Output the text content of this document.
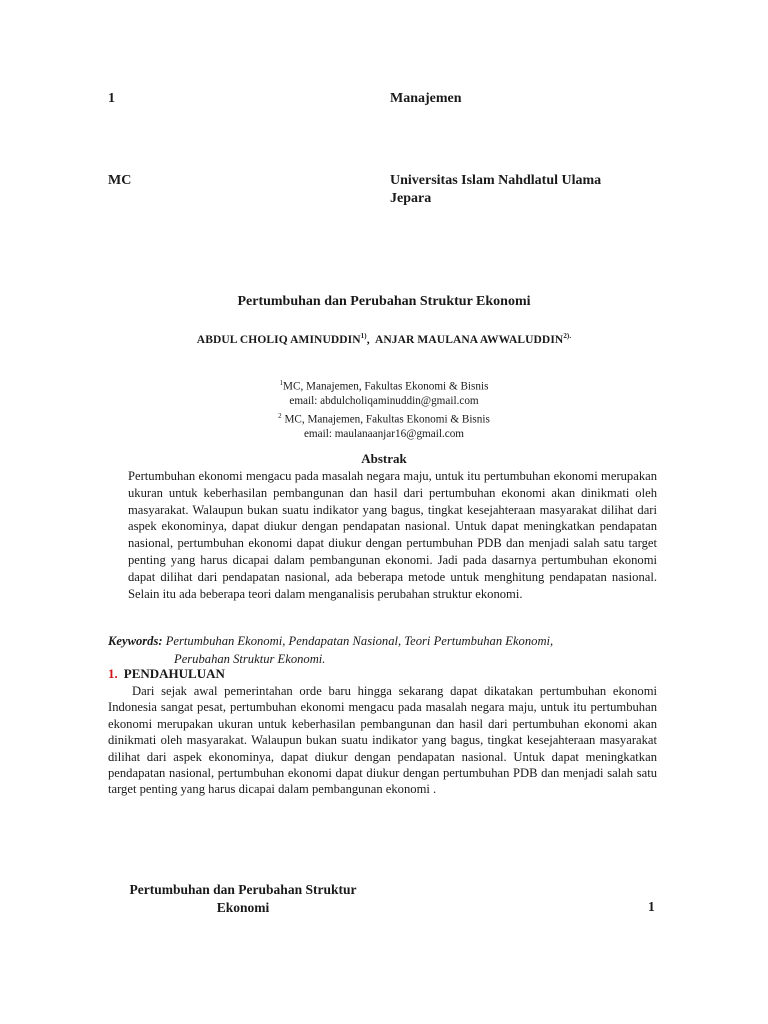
1	Manajemen
MC	Universitas Islam Nahdlatul Ulama
Jepara
Pertumbuhan dan Perubahan Struktur Ekonomi
ABDUL CHOLIQ AMINUDDIN$^{1)}$,  ANJAR MAULANA $AWWALUDDIN^{2).}$
$^1$MC, Manajemen, Fakultas Ekonomi & Bisnis
email: abdulcholiqaminuddin@gmail.com
$^2$ MC, Manajemen, Fakultas Ekonomi & Bisnis
email: maulanaanjar16@gmail.com
Abstrak
Pertumbuhan ekonomi mengacu pada masalah negara maju, untuk itu pertumbuhan ekonomi merupakan ukuran untuk keberhasilan pembangunan dan hasil dari pertumbuhan ekonomi akan dinikmati oleh masyarakat. Walaupun bukan suatu indikator yang bagus, tingkat kesejahteraan masyarakat dilihat dari aspek ekonominya, dapat diukur dengan pendapatan nasional. Untuk dapat meningkatkan pendapatan nasional, pertumbuhan ekonomi dapat diukur dengan pertumbuhan PDB dan menjadi salah satu target penting yang harus dicapai dalam pembangunan ekonomi. Jadi pada dasarnya pertumbuhan ekonomi dapat dilihat dari pendapatan nasional, ada beberapa metode untuk menghitung pendapatan nasional. Selain itu ada beberapa teori dalam menganalisis perubahan struktur ekonomi.
Keywords: Pertumbuhan Ekonomi, Pendapatan Nasional, Teori Pertumbuhan Ekonomi,
Perubahan Struktur Ekonomi.
1. PENDAHULUAN
Dari sejak awal pemerintahan orde baru hingga sekarang dapat dikatakan pertumbuhan ekonomi Indonesia sangat pesat, pertumbuhan ekonomi mengacu pada masalah negara maju, untuk itu pertumbuhan ekonomi merupakan ukuran untuk keberhasilan pembangunan dan hasil dari pertumbuhan ekonomi akan dinikmati oleh masyarakat. Walaupun bukan suatu indikator yang bagus, tingkat kesejahteraan masyarakat dilihat dari aspek ekonominya, dapat diukur dengan pendapatan nasional. Untuk dapat meningkatkan pendapatan nasional, pertumbuhan ekonomi dapat diukur dengan pertumbuhan PDB dan menjadi salah satu target penting yang harus dicapai dalam pembangunan ekonomi .
Pertumbuhan dan Perubahan Struktur
Ekonomi	1
